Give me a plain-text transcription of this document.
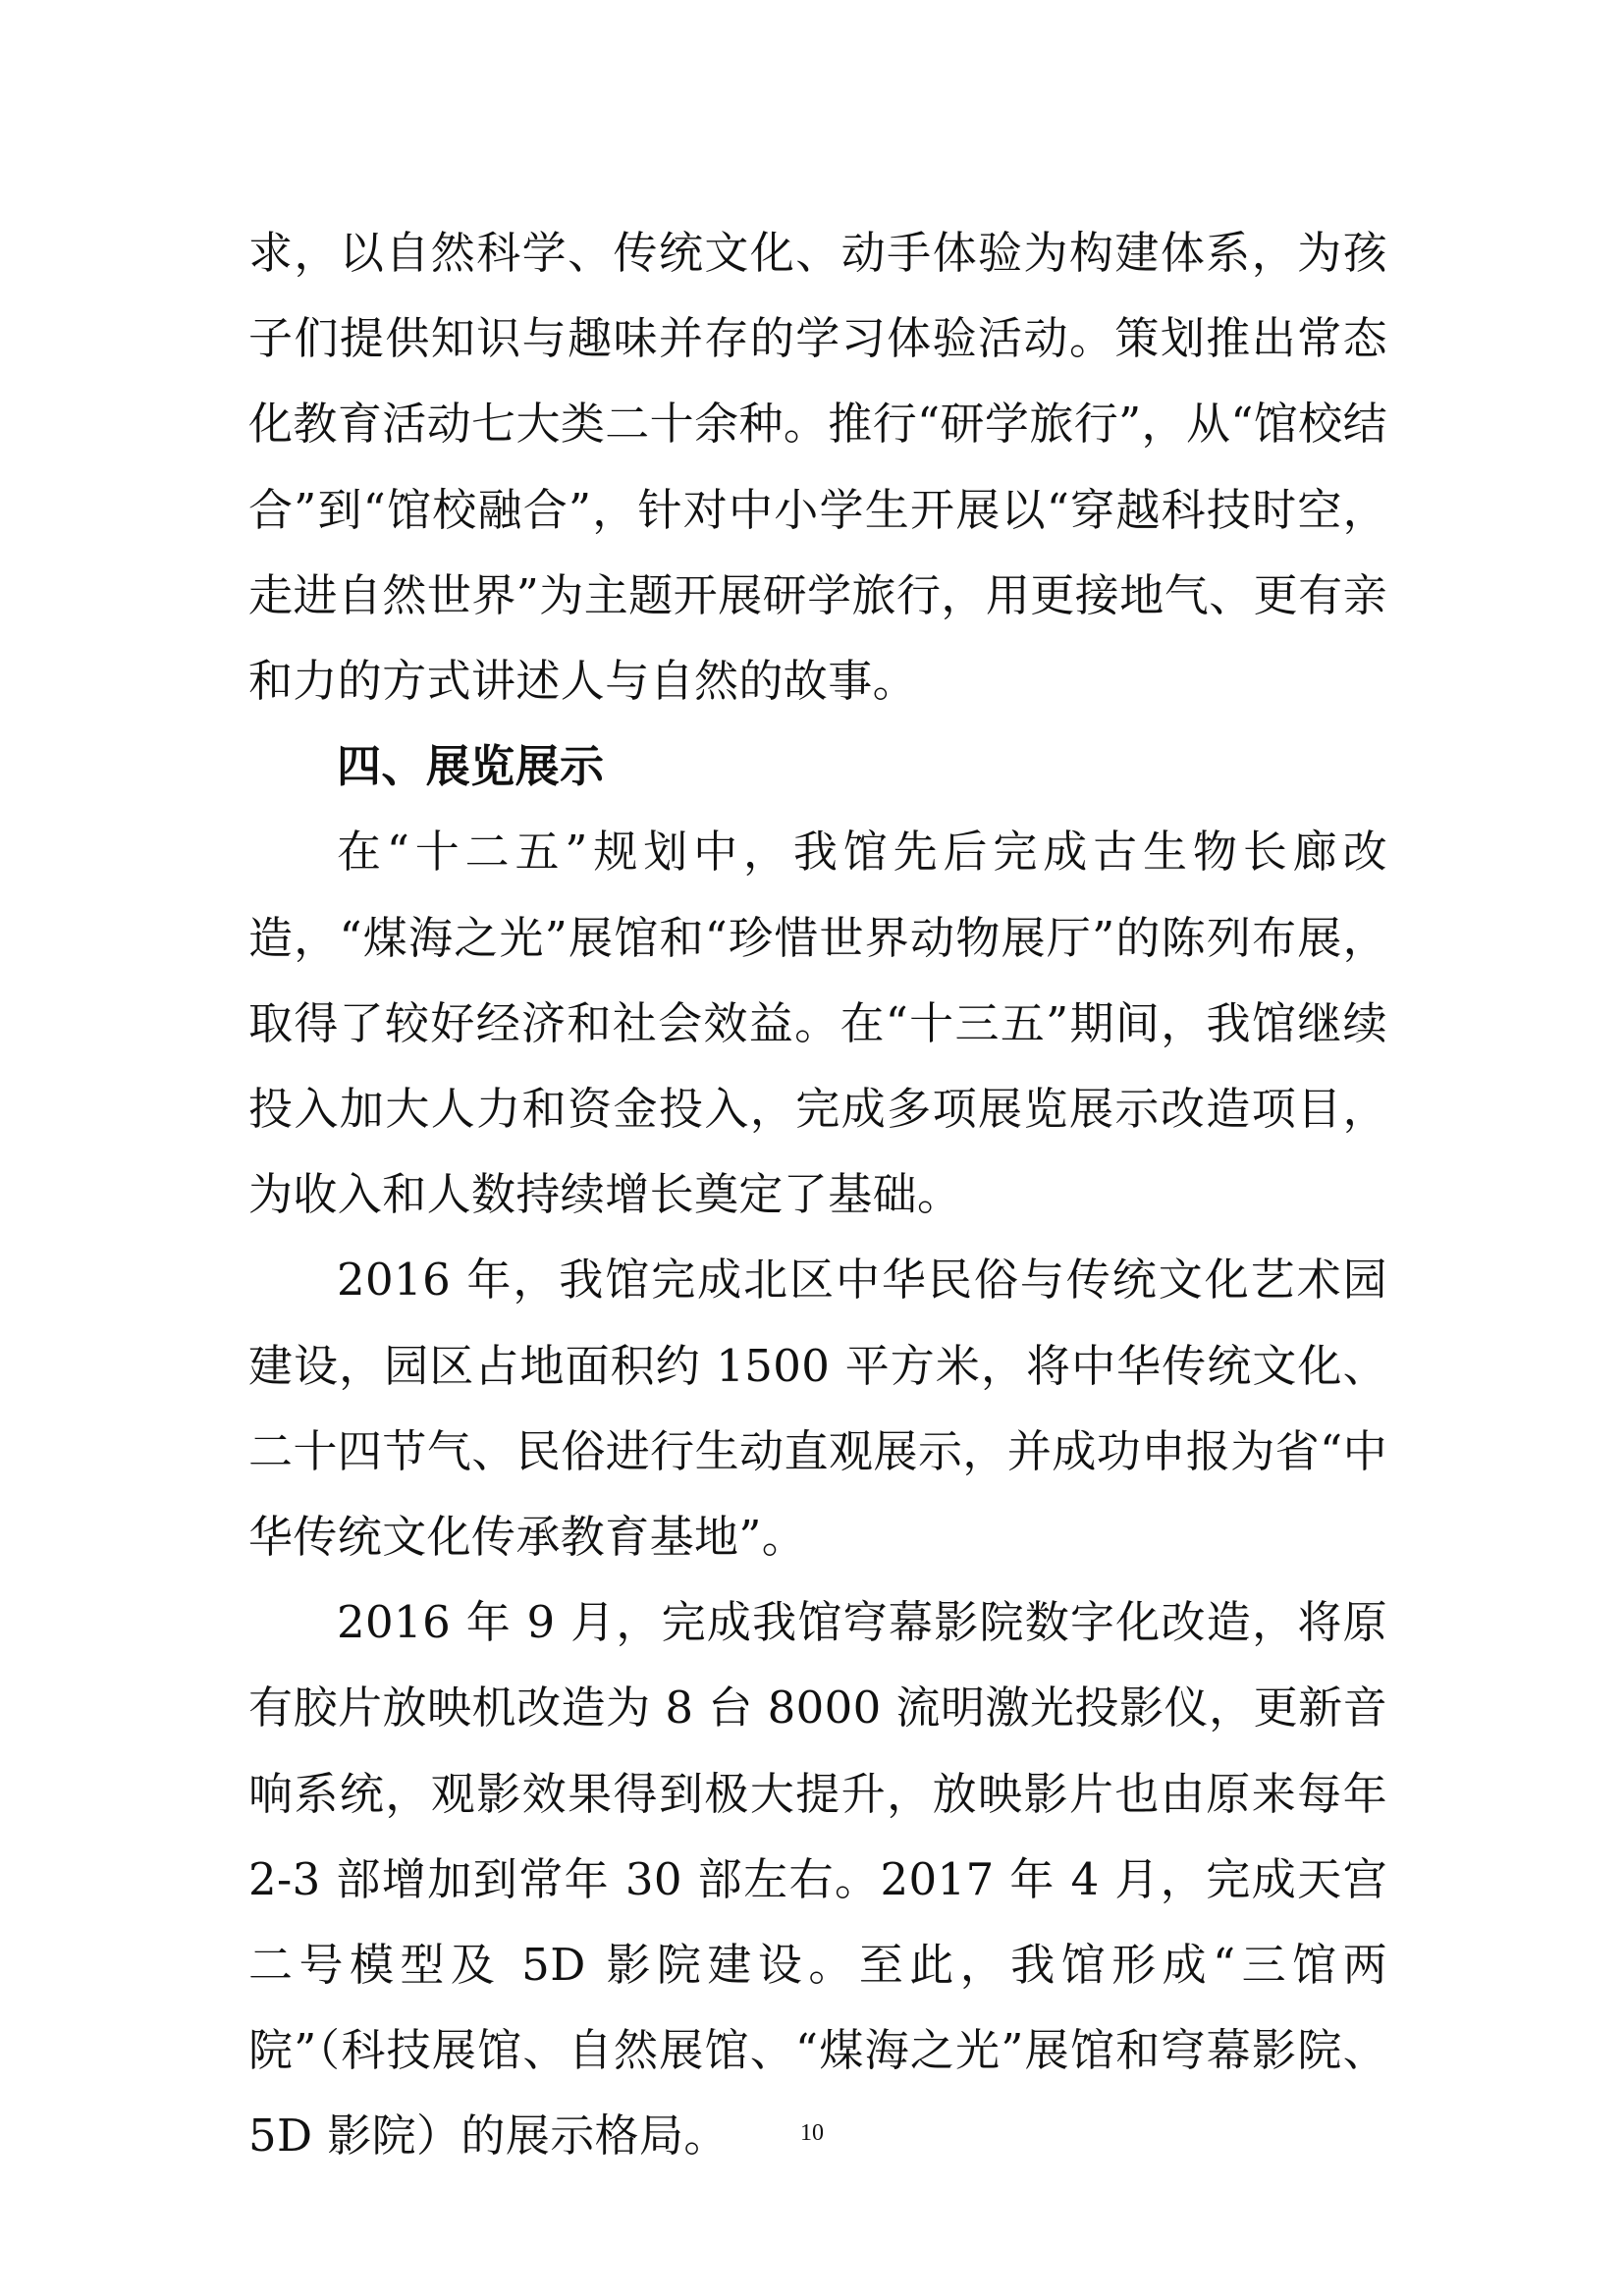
求，以自然科学、传统文化、动手体验为构建体系，为孩子们提供知识与趣味并存的学习体验活动。策划推出常态化教育活动七大类二十余种。推行“研学旅行”，从“馆校结合”到“馆校融合”，针对中小学生开展以“穿越科技时空，走进自然世界”为主题开展研学旅行，用更接地气、更有亲和力的方式讲述人与自然的故事。

四、展览展示

在“十二五”规划中，我馆先后完成古生物长廊改造，“煤海之光”展馆和“珍惜世界动物展厅”的陈列布展，取得了较好经济和社会效益。在“十三五”期间，我馆继续投入加大人力和资金投入，完成多项展览展示改造项目，为收入和人数持续增长奠定了基础。

2016 年，我馆完成北区中华民俗与传统文化艺术园建设，园区占地面积约 1500 平方米，将中华传统文化、二十四节气、民俗进行生动直观展示，并成功申报为省“中华传统文化传承教育基地”。

2016 年 9 月，完成我馆穹幕影院数字化改造，将原有胶片放映机改造为 8 台 8000 流明激光投影仪，更新音响系统，观影效果得到极大提升，放映影片也由原来每年 2-3 部增加到常年 30 部左右。2017 年 4 月，完成天宫二号模型及 5D 影院建设。至此，我馆形成“三馆两院”（科技展馆、自然展馆、“煤海之光”展馆和穹幕影院、5D 影院）的展示格局。	10
